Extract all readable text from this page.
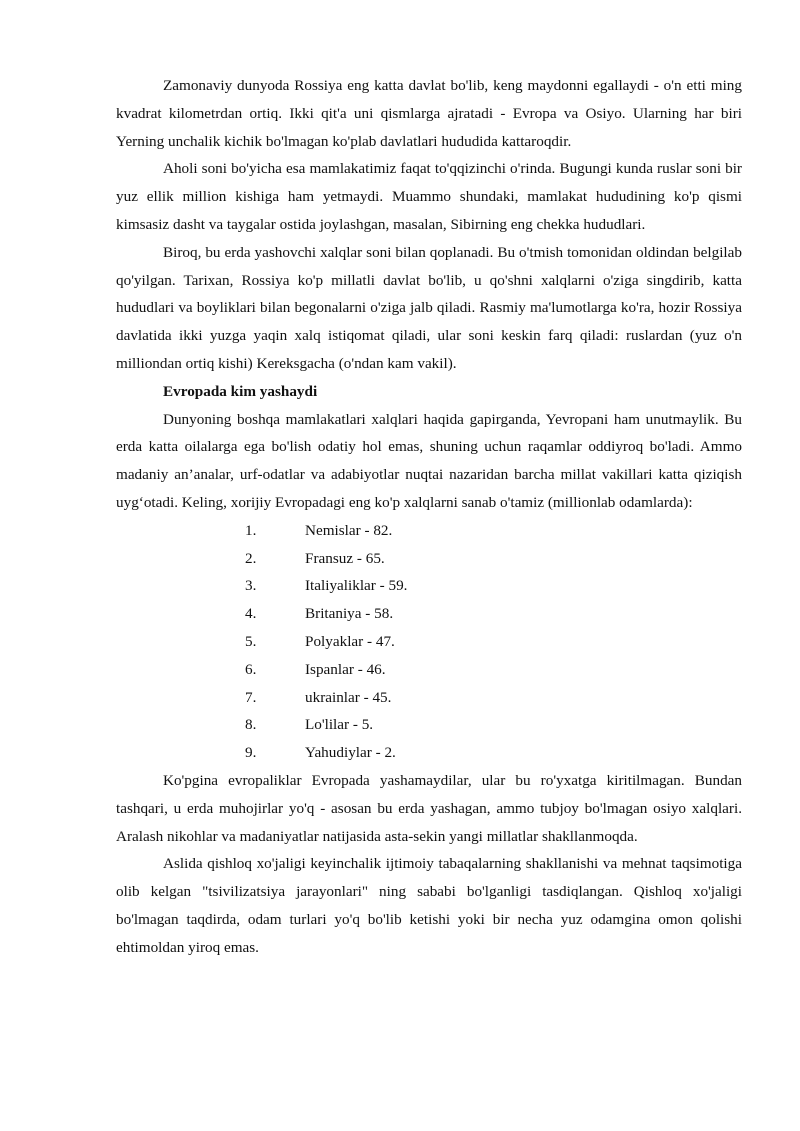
Zamonaviy dunyoda Rossiya eng katta davlat bo'lib, keng maydonni egallaydi - o'n etti ming kvadrat kilometrdan ortiq. Ikki qit'a uni qismlarga ajratadi - Evropa va Osiyo. Ularning har biri Yerning unchalik kichik bo'lmagan ko'plab davlatlari hududida kattaroqdir.

Aholi soni bo'yicha esa mamlakatimiz faqat to'qqizinchi o'rinda. Bugungi kunda ruslar soni bir yuz ellik million kishiga ham yetmaydi. Muammo shundaki, mamlakat hududining ko'p qismi kimsasiz dasht va taygalar ostida joylashgan, masalan, Sibirning eng chekka hududlari.

Biroq, bu erda yashovchi xalqlar soni bilan qoplanadi. Bu o'tmish tomonidan oldindan belgilab qo'yilgan. Tarixan, Rossiya ko'p millatli davlat bo'lib, u qo'shni xalqlarni o'ziga singdirib, katta hududlari va boyliklari bilan begonalarni o'ziga jalb qiladi. Rasmiy ma'lumotlarga ko'ra, hozir Rossiya davlatida ikki yuzga yaqin xalq istiqomat qiladi, ular soni keskin farq qiladi: ruslardan (yuz o'n milliondan ortiq kishi) Kereksgacha (o'ndan kam vakil).

Evropada kim yashaydi

Dunyoning boshqa mamlakatlari xalqlari haqida gapirganda, Yevropani ham unutmaylik. Bu erda katta oilalarga ega bo'lish odatiy hol emas, shuning uchun raqamlar oddiyroq bo'ladi. Ammo madaniy an’analar, urf-odatlar va adabiyotlar nuqtai nazaridan barcha millat vakillari katta qiziqish uyg‘otadi. Keling, xorijiy Evropadagi eng ko'p xalqlarni sanab o'tamiz (millionlab odamlarda):

1.	Nemislar - 82.
2.	Fransuz - 65.
3.	Italiyaliklar - 59.
4.	Britaniya - 58.
5.	Polyaklar - 47.
6.	Ispanlar - 46.
7.	ukrainlar - 45.
8.	Lo'lilar - 5.
9.	Yahudiylar - 2.

Ko'pgina evropaliklar Evropada yashamaydilar, ular bu ro'yxatga kiritilmagan. Bundan tashqari, u erda muhojirlar yo'q - asosan bu erda yashagan, ammo tubjoy bo'lmagan osiyo xalqlari. Aralash nikohlar va madaniyatlar natijasida asta-sekin yangi millatlar shakllanmoqda.

Aslida qishloq xo'jaligi keyinchalik ijtimoiy tabaqalarning shakllanishi va mehnat taqsimotiga olib kelgan "tsivilizatsiya jarayonlari" ning sababi bo'lganligi tasdiqlangan. Qishloq xo'jaligi bo'lmagan taqdirda, odam turlari yo'q bo'lib ketishi yoki bir necha yuz odamgina omon qolishi ehtimoldan yiroq emas.
